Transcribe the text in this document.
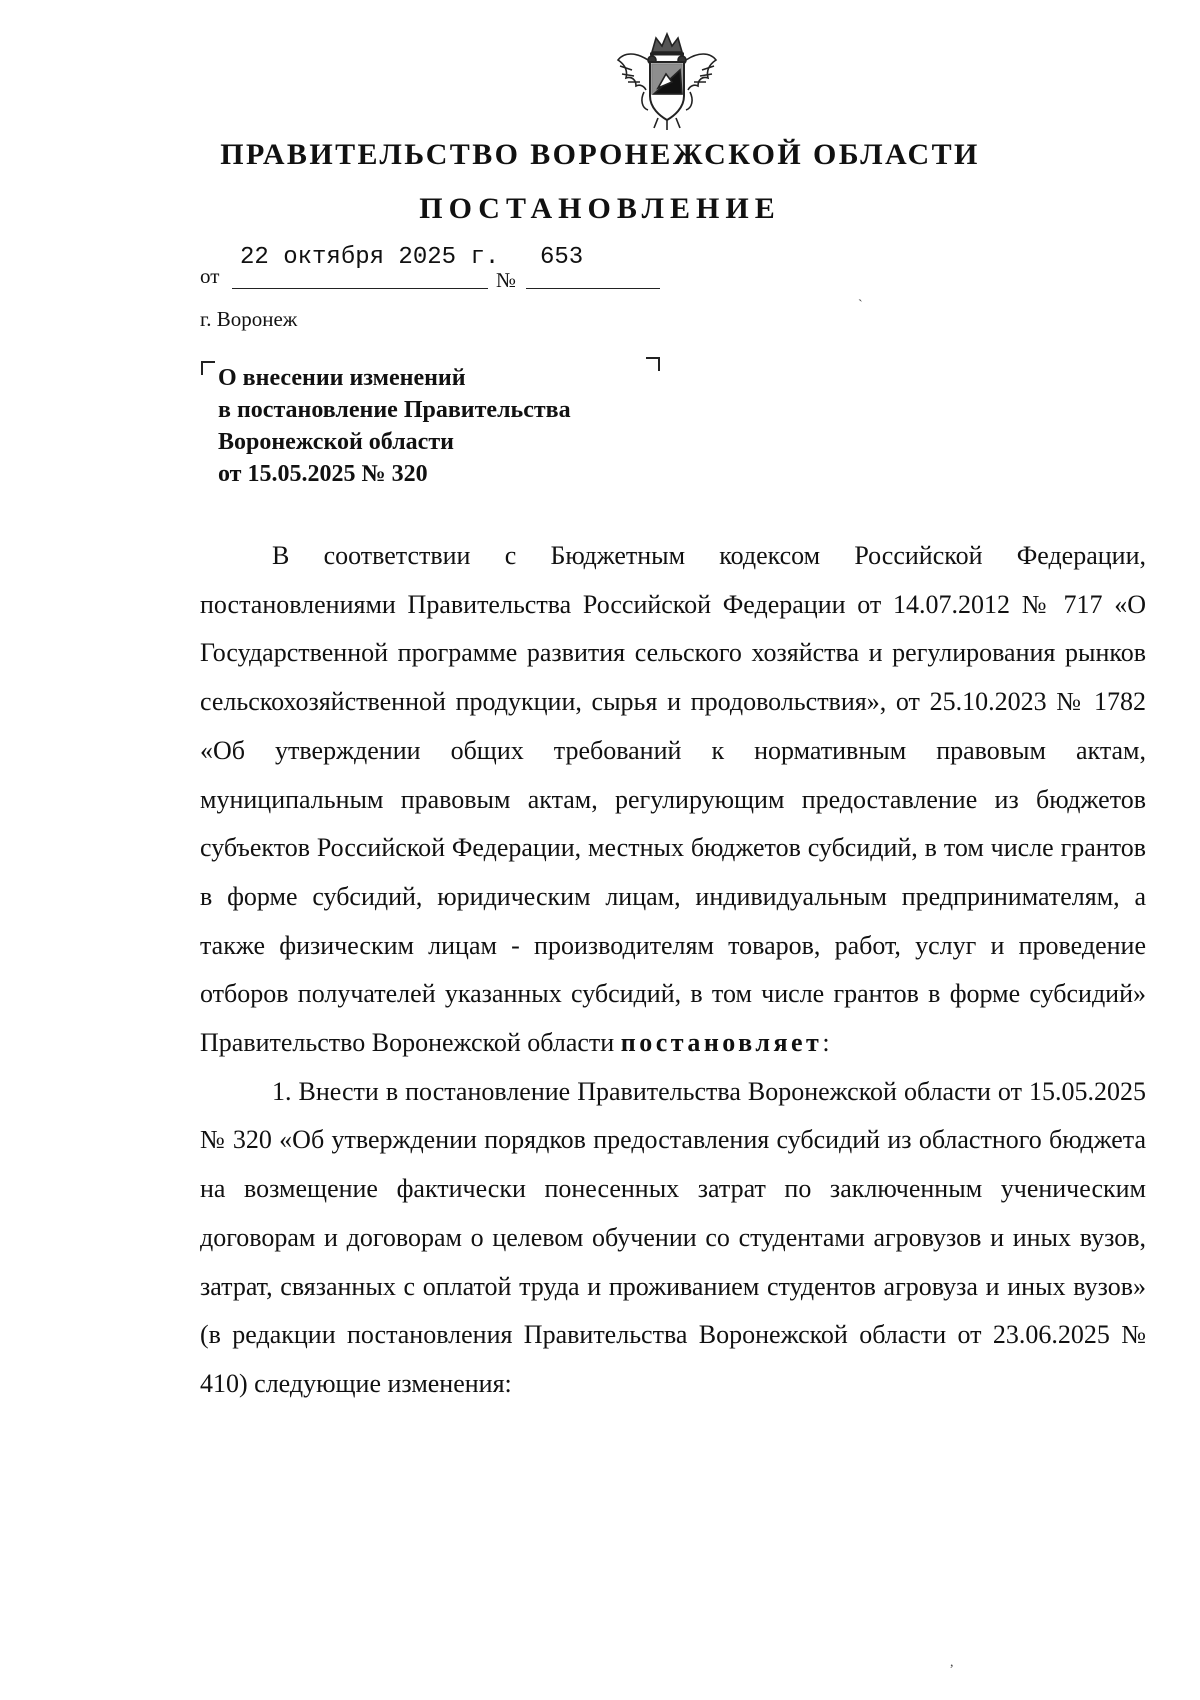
ПРАВИТЕЛЬСТВО ВОРОНЕЖСКОЙ ОБЛАСТИ
ПОСТАНОВЛЕНИЕ
от
22 октября 2025 г.
№
653
г. Воронеж
О внесении изменений
в постановление Правительства
Воронежской области
от 15.05.2025 № 320
`
,

В соответствии с Бюджетным кодексом Российской Федерации, постановлениями Правительства Российской Федерации от 14.07.2012 № 717 «О Государственной программе развития сельского хозяйства и регулирования рынков сельскохозяйственной продукции, сырья и продовольствия», от 25.10.2023 № 1782 «Об утверждении общих требований к нормативным правовым актам, муниципальным правовым актам, регулирующим предоставление из бюджетов субъектов Российской Федерации, местных бюджетов субсидий, в том числе грантов в форме субсидий, юридическим лицам, индивидуальным предпринимателям, а также физическим лицам - производителям товаров, работ, услуг и проведение отборов получателей указанных субсидий, в том числе грантов в форме субсидий» Правительство Воронежской области постановляет:

1. Внести в постановление Правительства Воронежской области от 15.05.2025 № 320 «Об утверждении порядков предоставления субсидий из областного бюджета на возмещение фактически понесенных затрат по заключенным ученическим договорам и договорам о целевом обучении со студентами агровузов и иных вузов, затрат, связанных с оплатой труда и проживанием студентов агровуза и иных вузов» (в редакции постановления Правительства Воронежской области от 23.06.2025 № 410) следующие изменения:
